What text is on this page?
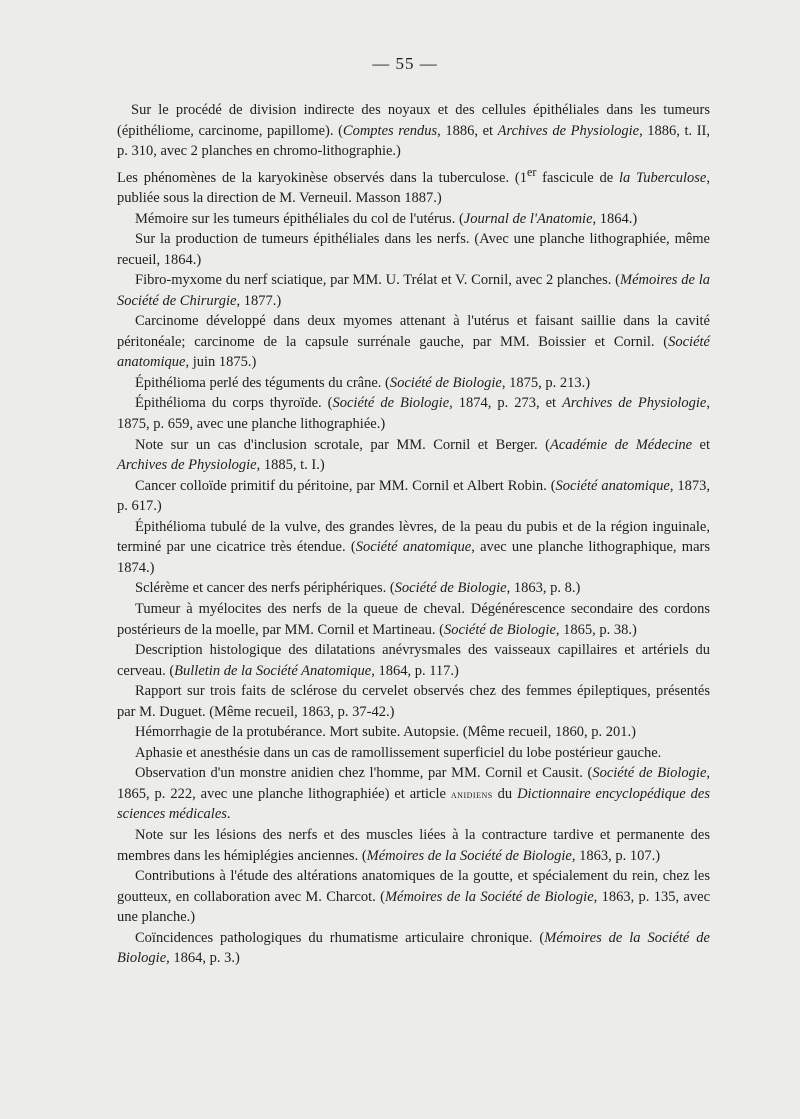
— 55 —

Sur le procédé de division indirecte des noyaux et des cellules épithéliales dans les tumeurs (épithéliome, carcinome, papillome). (Comptes rendus, 1886, et Archives de Physiologie, 1886, t. II, p. 310, avec 2 planches en chromo-lithographie.)

Les phénomènes de la karyokinèse observés dans la tuberculose. (1er fascicule de la Tuberculose, publiée sous la direction de M. Verneuil. Masson 1887.)

Mémoire sur les tumeurs épithéliales du col de l'utérus. (Journal de l'Anatomie, 1864.)

Sur la production de tumeurs épithéliales dans les nerfs. (Avec une planche lithographiée, même recueil, 1864.)

Fibro-myxome du nerf sciatique, par MM. U. Trélat et V. Cornil, avec 2 planches. (Mémoires de la Société de Chirurgie, 1877.)

Carcinome développé dans deux myomes attenant à l'utérus et faisant saillie dans la cavité péritonéale; carcinome de la capsule surrénale gauche, par MM. Boissier et Cornil. (Société anatomique, juin 1875.)

Épithélioma perlé des téguments du crâne. (Société de Biologie, 1875, p. 213.)

Épithélioma du corps thyroïde. (Société de Biologie, 1874, p. 273, et Archives de Physiologie, 1875, p. 659, avec une planche lithographiée.)

Note sur un cas d'inclusion scrotale, par MM. Cornil et Berger. (Académie de Médecine et Archives de Physiologie, 1885, t. I.)

Cancer colloïde primitif du péritoine, par MM. Cornil et Albert Robin. (Société anatomique, 1873, p. 617.)

Épithélioma tubulé de la vulve, des grandes lèvres, de la peau du pubis et de la région inguinale, terminé par une cicatrice très étendue. (Société anatomique, avec une planche lithographique, mars 1874.)

Sclérème et cancer des nerfs périphériques. (Société de Biologie, 1863, p. 8.)

Tumeur à myélocites des nerfs de la queue de cheval. Dégénérescence secondaire des cordons postérieurs de la moelle, par MM. Cornil et Martineau. (Société de Biologie, 1865, p. 38.)

Description histologique des dilatations anévrysmales des vaisseaux capillaires et artériels du cerveau. (Bulletin de la Société Anatomique, 1864, p. 117.)

Rapport sur trois faits de sclérose du cervelet observés chez des femmes épileptiques, présentés par M. Duguet. (Même recueil, 1863, p. 37-42.)

Hémorrhagie de la protubérance. Mort subite. Autopsie. (Même recueil, 1860, p. 201.)

Aphasie et anesthésie dans un cas de ramollissement superficiel du lobe postérieur gauche.

Observation d'un monstre anidien chez l'homme, par MM. Cornil et Causit. (Société de Biologie, 1865, p. 222, avec une planche lithographiée) et article anidiens du Dictionnaire encyclopédique des sciences médicales.

Note sur les lésions des nerfs et des muscles liées à la contracture tardive et permanente des membres dans les hémiplégies anciennes. (Mémoires de la Société de Biologie, 1863, p. 107.)

Contributions à l'étude des altérations anatomiques de la goutte, et spécialement du rein, chez les goutteux, en collaboration avec M. Charcot. (Mémoires de la Société de Biologie, 1863, p. 135, avec une planche.)

Coïncidences pathologiques du rhumatisme articulaire chronique. (Mémoires de la Société de Biologie, 1864, p. 3.)
